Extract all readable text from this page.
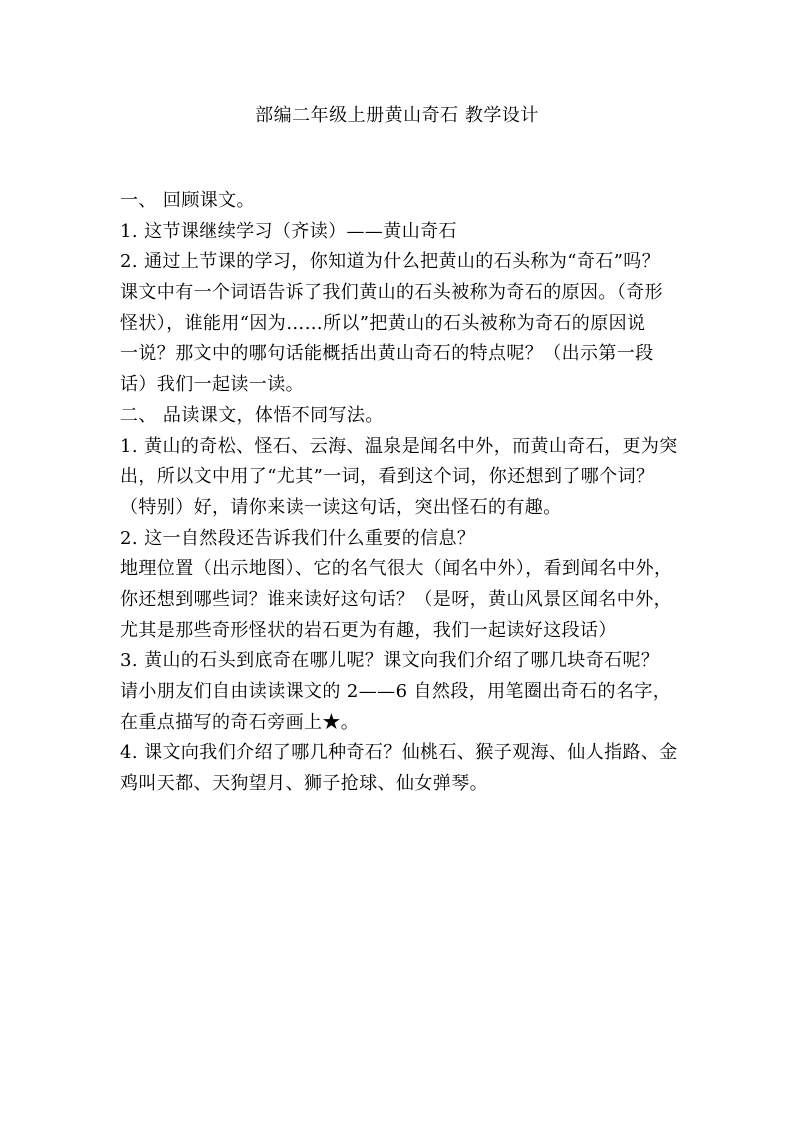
部编二年级上册黄山奇石 教学设计
一、 回顾课文。
1. 这节课继续学习（齐读）——黄山奇石
2. 通过上节课的学习，你知道为什么把黄山的石头称为“奇石”吗？
课文中有一个词语告诉了我们黄山的石头被称为奇石的原因。（奇形
怪状），谁能用“因为……所以”把黄山的石头被称为奇石的原因说
一说？那文中的哪句话能概括出黄山奇石的特点呢？（出示第一段
话）我们一起读一读。
二、 品读课文，体悟不同写法。
1. 黄山的奇松、怪石、云海、温泉是闻名中外，而黄山奇石，更为突
出，所以文中用了“尤其”一词，看到这个词，你还想到了哪个词？
（特别）好，请你来读一读这句话，突出怪石的有趣。
2. 这一自然段还告诉我们什么重要的信息？
地理位置（出示地图）、它的名气很大（闻名中外），看到闻名中外，
你还想到哪些词？谁来读好这句话？（是呀，黄山风景区闻名中外，
尤其是那些奇形怪状的岩石更为有趣，我们一起读好这段话）
3. 黄山的石头到底奇在哪儿呢？课文向我们介绍了哪几块奇石呢？
请小朋友们自由读读课文的 2——6 自然段，用笔圈出奇石的名字，
在重点描写的奇石旁画上★。
4. 课文向我们介绍了哪几种奇石？仙桃石、猴子观海、仙人指路、金
鸡叫天都、天狗望月、狮子抢球、仙女弹琴。
